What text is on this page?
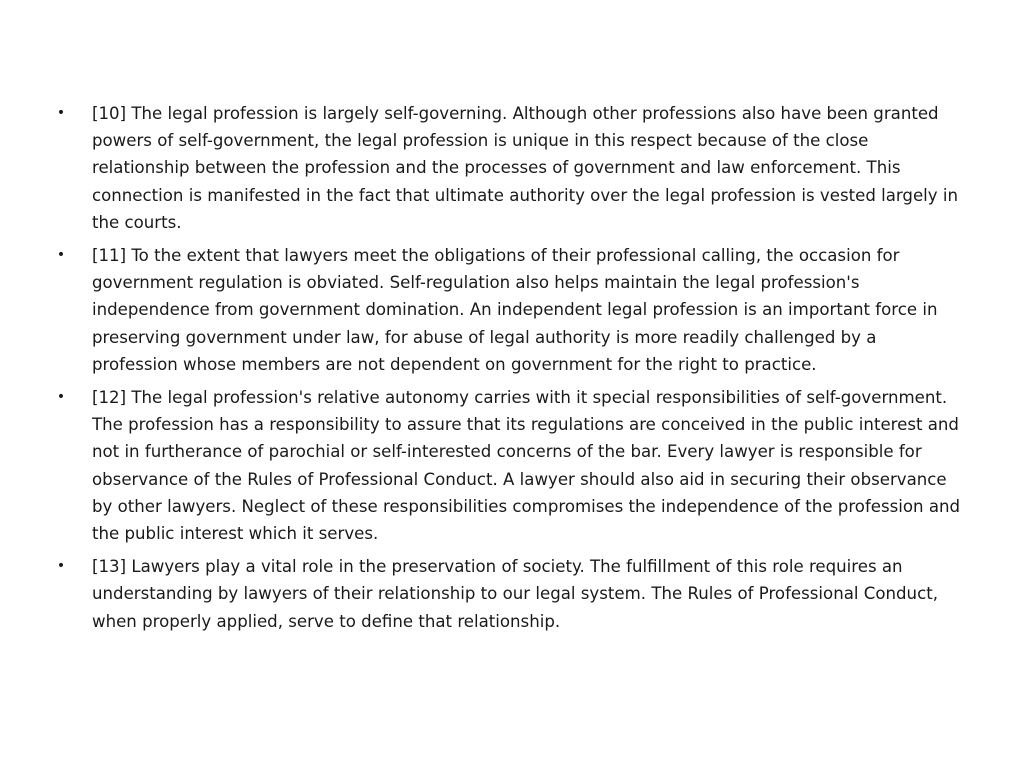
• [10] The legal profession is largely self-governing. Although other professions also have been granted powers of self-government, the legal profession is unique in this respect because of the close relationship between the profession and the processes of government and law enforcement. This connection is manifested in the fact that ultimate authority over the legal profession is vested largely in the courts.
• [11] To the extent that lawyers meet the obligations of their professional calling, the occasion for government regulation is obviated. Self-regulation also helps maintain the legal profession's independence from government domination. An independent legal profession is an important force in preserving government under law, for abuse of legal authority is more readily challenged by a profession whose members are not dependent on government for the right to practice.
• [12] The legal profession's relative autonomy carries with it special responsibilities of self-government. The profession has a responsibility to assure that its regulations are conceived in the public interest and not in furtherance of parochial or self-interested concerns of the bar. Every lawyer is responsible for observance of the Rules of Professional Conduct. A lawyer should also aid in securing their observance by other lawyers. Neglect of these responsibilities compromises the independence of the profession and the public interest which it serves.
• [13] Lawyers play a vital role in the preservation of society. The fulfillment of this role requires an understanding by lawyers of their relationship to our legal system. The Rules of Professional Conduct, when properly applied, serve to define that relationship.
